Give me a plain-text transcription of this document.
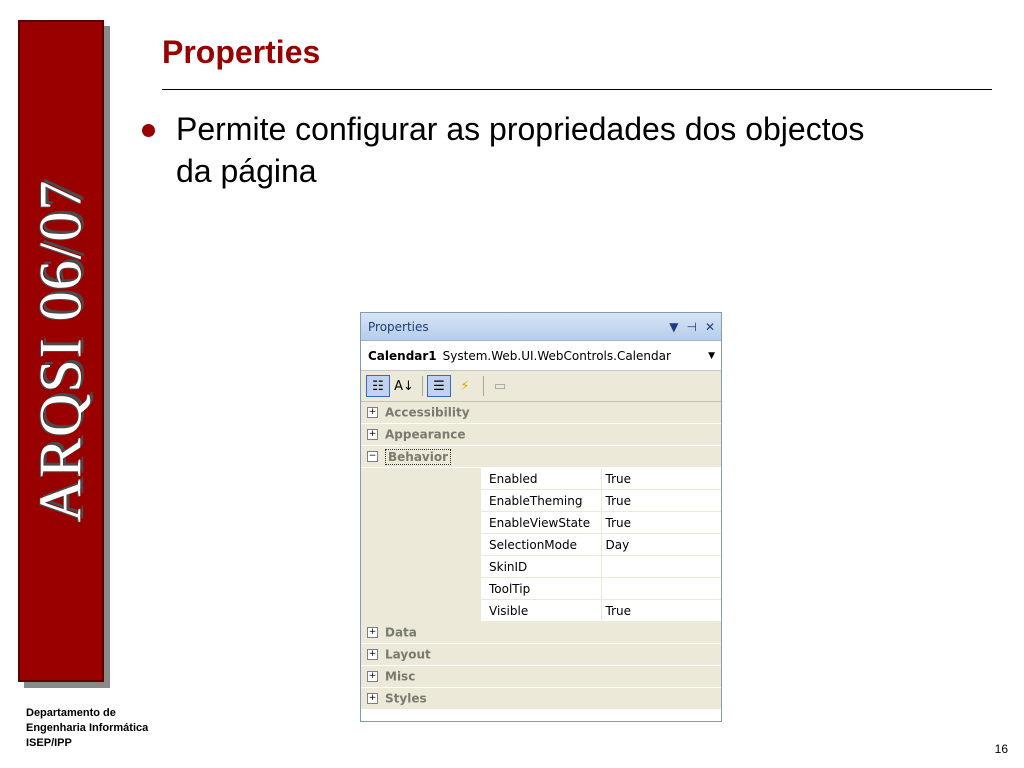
ARQSI 06/07
Properties
Permite configurar as propriedades dos objectos da página
Properties	▼ ⊣ ✕
Calendar1 System.Web.UI.WebControls.Calendar	▼
☷ A↓	☰	⚡	▭
+ Accessibility		
+ Appearance		
− Behavior		
	Enabled	True
	EnableTheming	True
	EnableViewState	True
	SelectionMode	Day
	SkinID	
	ToolTip	
	Visible	True
+ Data		
+ Layout		
+ Misc		
+ Styles		
Departamento de
Engenharia Informática
ISEP/IPP	16
